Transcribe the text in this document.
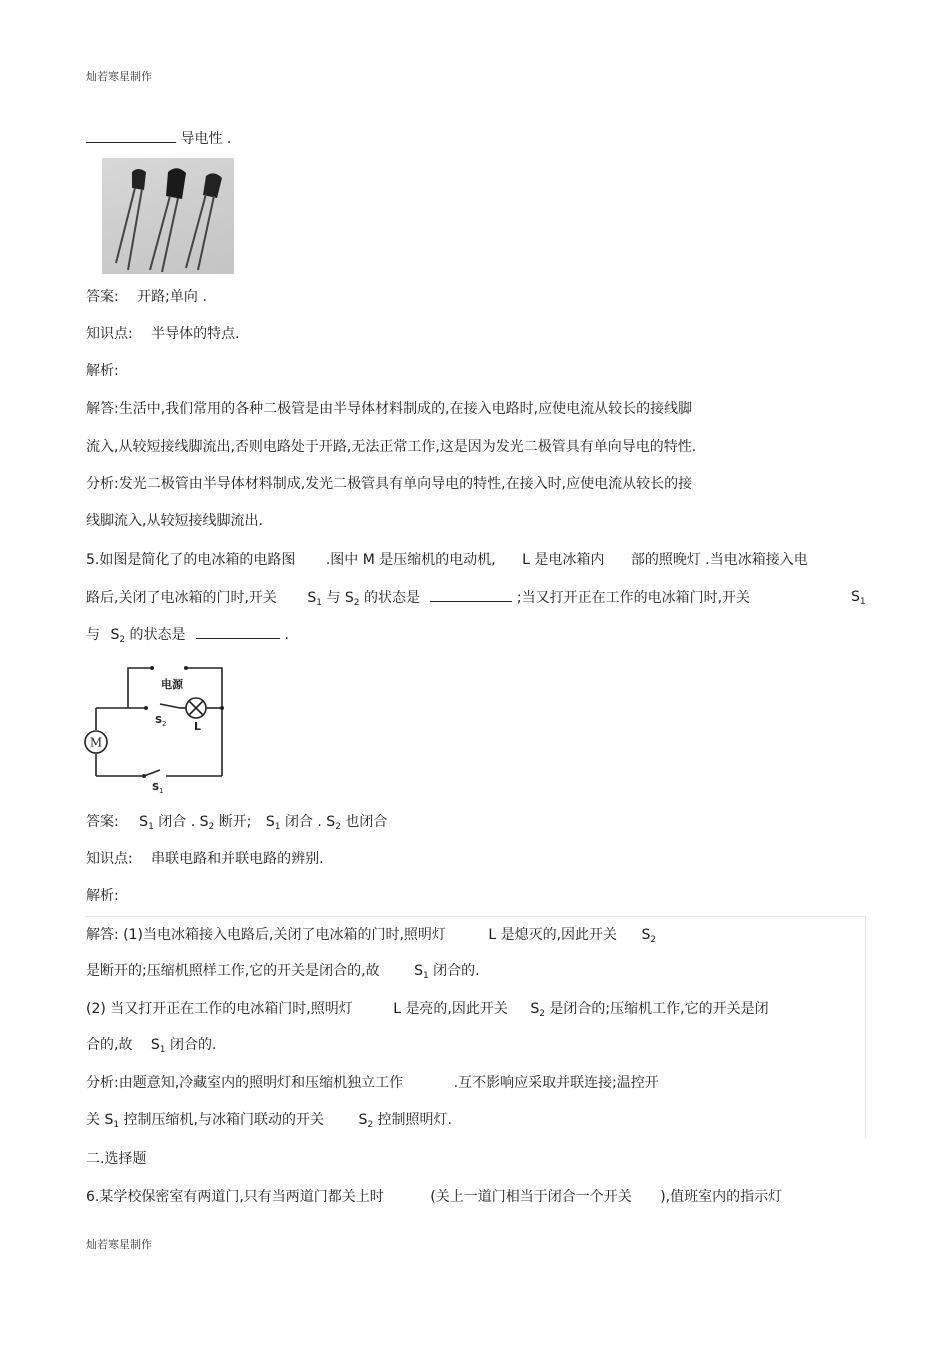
灿若寒星制作
导电性 .
答案: 开路;单向 .
知识点: 半导体的特点.
解析:
解答:生活中,我们常用的各种二极管是由半导体材料制成的,在接入电路时,应使电流从较长的接线脚
流入,从较短接线脚流出,否则电路处于开路,无法正常工作,这是因为发光二极管具有单向导电的特性.
分析:发光二极管由半导体材料制成,发光二极管具有单向导电的特性,在接入时,应使电流从较长的接
线脚流入,从较短接线脚流出.
5.如图是简化了的电冰箱的电路图 .图中 M 是压缩机的电动机, L 是电冰箱内 部的照晚灯 .当电冰箱接入电
路后,关闭了电冰箱的门时,开关 $S_1$ 与 $S_2$ 的状态是	;当又打开正在工作的电冰箱门时,开关	$S_1$
与 $S_2$ 的状态是	.
M
电源
L
S 2
S 1
答案: $S_1$ 闭合 . $S_2$ 断开; $S_1$ 闭合 . $S_2$ 也闭合
知识点: 串联电路和并联电路的辨别.
解析:
解答: (1)当电冰箱接入电路后,关闭了电冰箱的门时,照明灯	L 是熄灭的,因此开关 $S_2$
是断开的;压缩机照样工作,它的开关是闭合的,故 $S_1$ 闭合的.
(2) 当又打开正在工作的电冰箱门时,照明灯	L 是亮的,因此开关 $S_2$ 是闭合的;压缩机工作,它的开关是闭
合的,故 $S_1$ 闭合的.
分析:由题意知,冷藏室内的照明灯和压缩机独立工作	.互不影响应采取并联连接;温控开
关 $S_1$ 控制压缩机,与冰箱门联动的开关 $S_2$ 控制照明灯.
二.选择题
6.某学校保密室有两道门,只有当两道门都关上时	(关上一道门相当于闭合一个开关 ),值班室内的指示灯
灿若寒星制作
